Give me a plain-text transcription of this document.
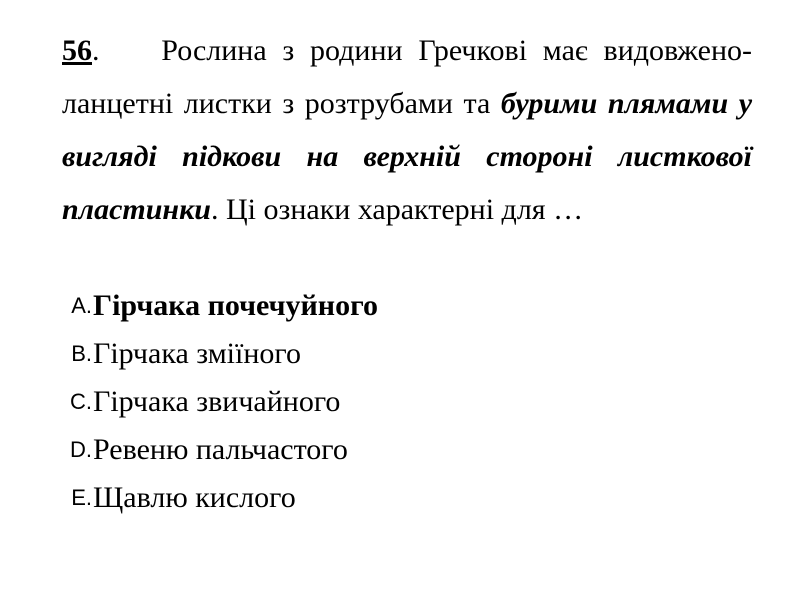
56. Рослина з родини Гречкові має видовжено-ланцетні листки з розтрубами та бурими плямами у вигляді підкови на верхній стороні листкової пластинки. Ці ознаки характерні для …
A. Гірчака почечуйного
B. Гірчака зміїного
C. Гірчака звичайного
D. Ревеню пальчастого
E. Щавлю кислого
